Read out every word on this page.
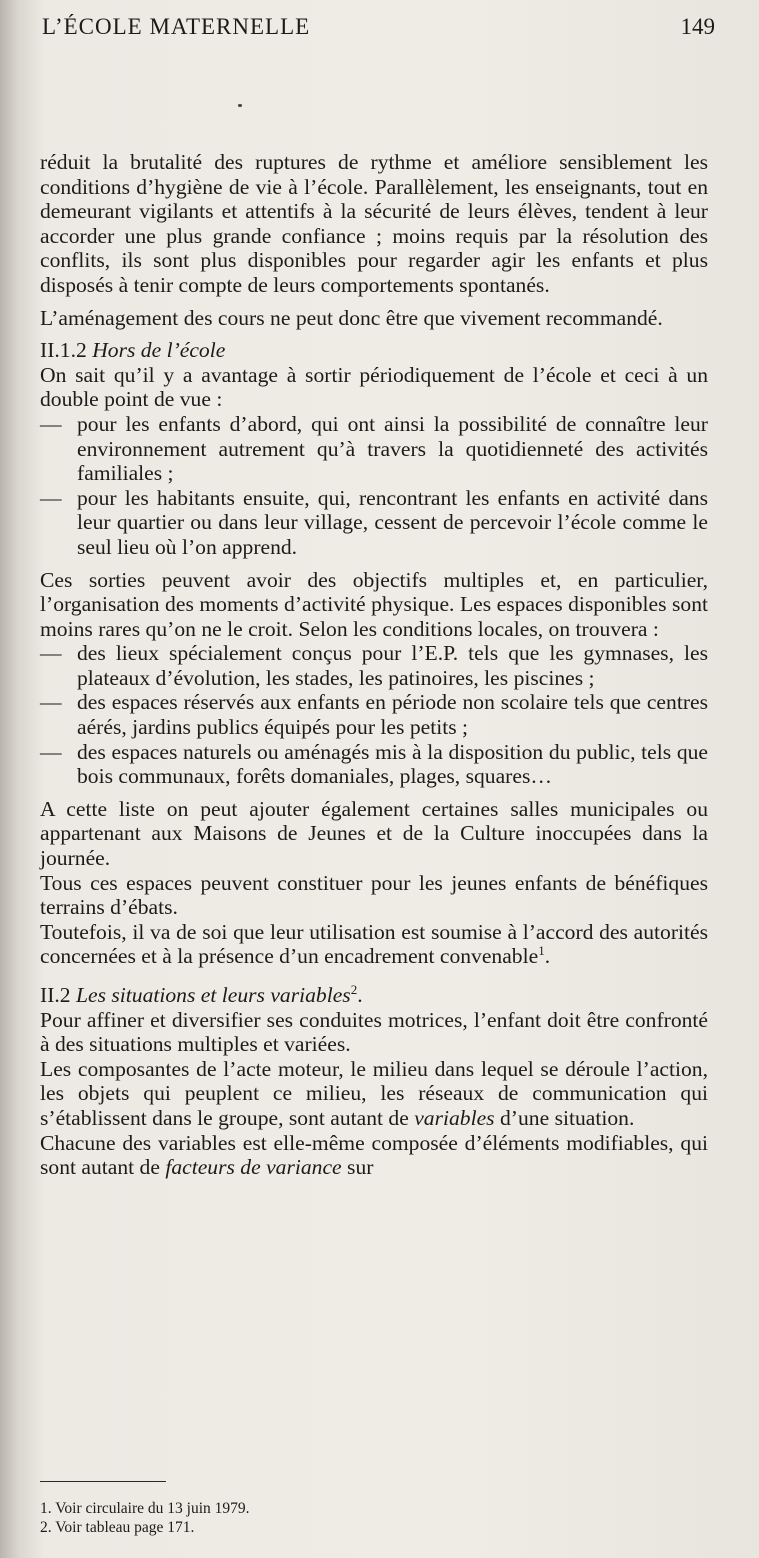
L’ÉCOLE MATERNELLE	149

réduit la brutalité des ruptures de rythme et améliore sensiblement les conditions d’hygiène de vie à l’école. Parallèlement, les enseignants, tout en demeurant vigilants et attentifs à la sécurité de leurs élèves, tendent à leur accorder une plus grande confiance ; moins requis par la résolution des conflits, ils sont plus disponibles pour regarder agir les enfants et plus disposés à tenir compte de leurs comportements spontanés.

L’aménagement des cours ne peut donc être que vivement recommandé.

II.1.2 Hors de l’école

On sait qu’il y a avantage à sortir périodiquement de l’école et ceci à un double point de vue :

— pour les enfants d’abord, qui ont ainsi la possibilité de connaître leur environnement autrement qu’à travers la quotidienneté des activités familiales ;
— pour les habitants ensuite, qui, rencontrant les enfants en activité dans leur quartier ou dans leur village, cessent de percevoir l’école comme le seul lieu où l’on apprend.

Ces sorties peuvent avoir des objectifs multiples et, en particulier, l’organisation des moments d’activité physique. Les espaces disponibles sont moins rares qu’on ne le croit. Selon les conditions locales, on trouvera :

— des lieux spécialement conçus pour l’E.P. tels que les gymnases, les plateaux d’évolution, les stades, les patinoires, les piscines ;
— des espaces réservés aux enfants en période non scolaire tels que centres aérés, jardins publics équipés pour les petits ;
— des espaces naturels ou aménagés mis à la disposition du public, tels que bois communaux, forêts domaniales, plages, squares…

A cette liste on peut ajouter également certaines salles municipales ou appartenant aux Maisons de Jeunes et de la Culture inoccupées dans la journée.

Tous ces espaces peuvent constituer pour les jeunes enfants de bénéfiques terrains d’ébats.

Toutefois, il va de soi que leur utilisation est soumise à l’accord des autorités concernées et à la présence d’un encadrement convenable$^1$.

II.2 Les situations et leurs variables$^2$.

Pour affiner et diversifier ses conduites motrices, l’enfant doit être confronté à des situations multiples et variées.

Les composantes de l’acte moteur, le milieu dans lequel se déroule l’action, les objets qui peuplent ce milieu, les réseaux de communication qui s’établissent dans le groupe, sont autant de variables d’une situation.

Chacune des variables est elle-même composée d’éléments modifiables, qui sont autant de facteurs de variance sur

1. Voir circulaire du 13 juin 1979.
2. Voir tableau page 171.
